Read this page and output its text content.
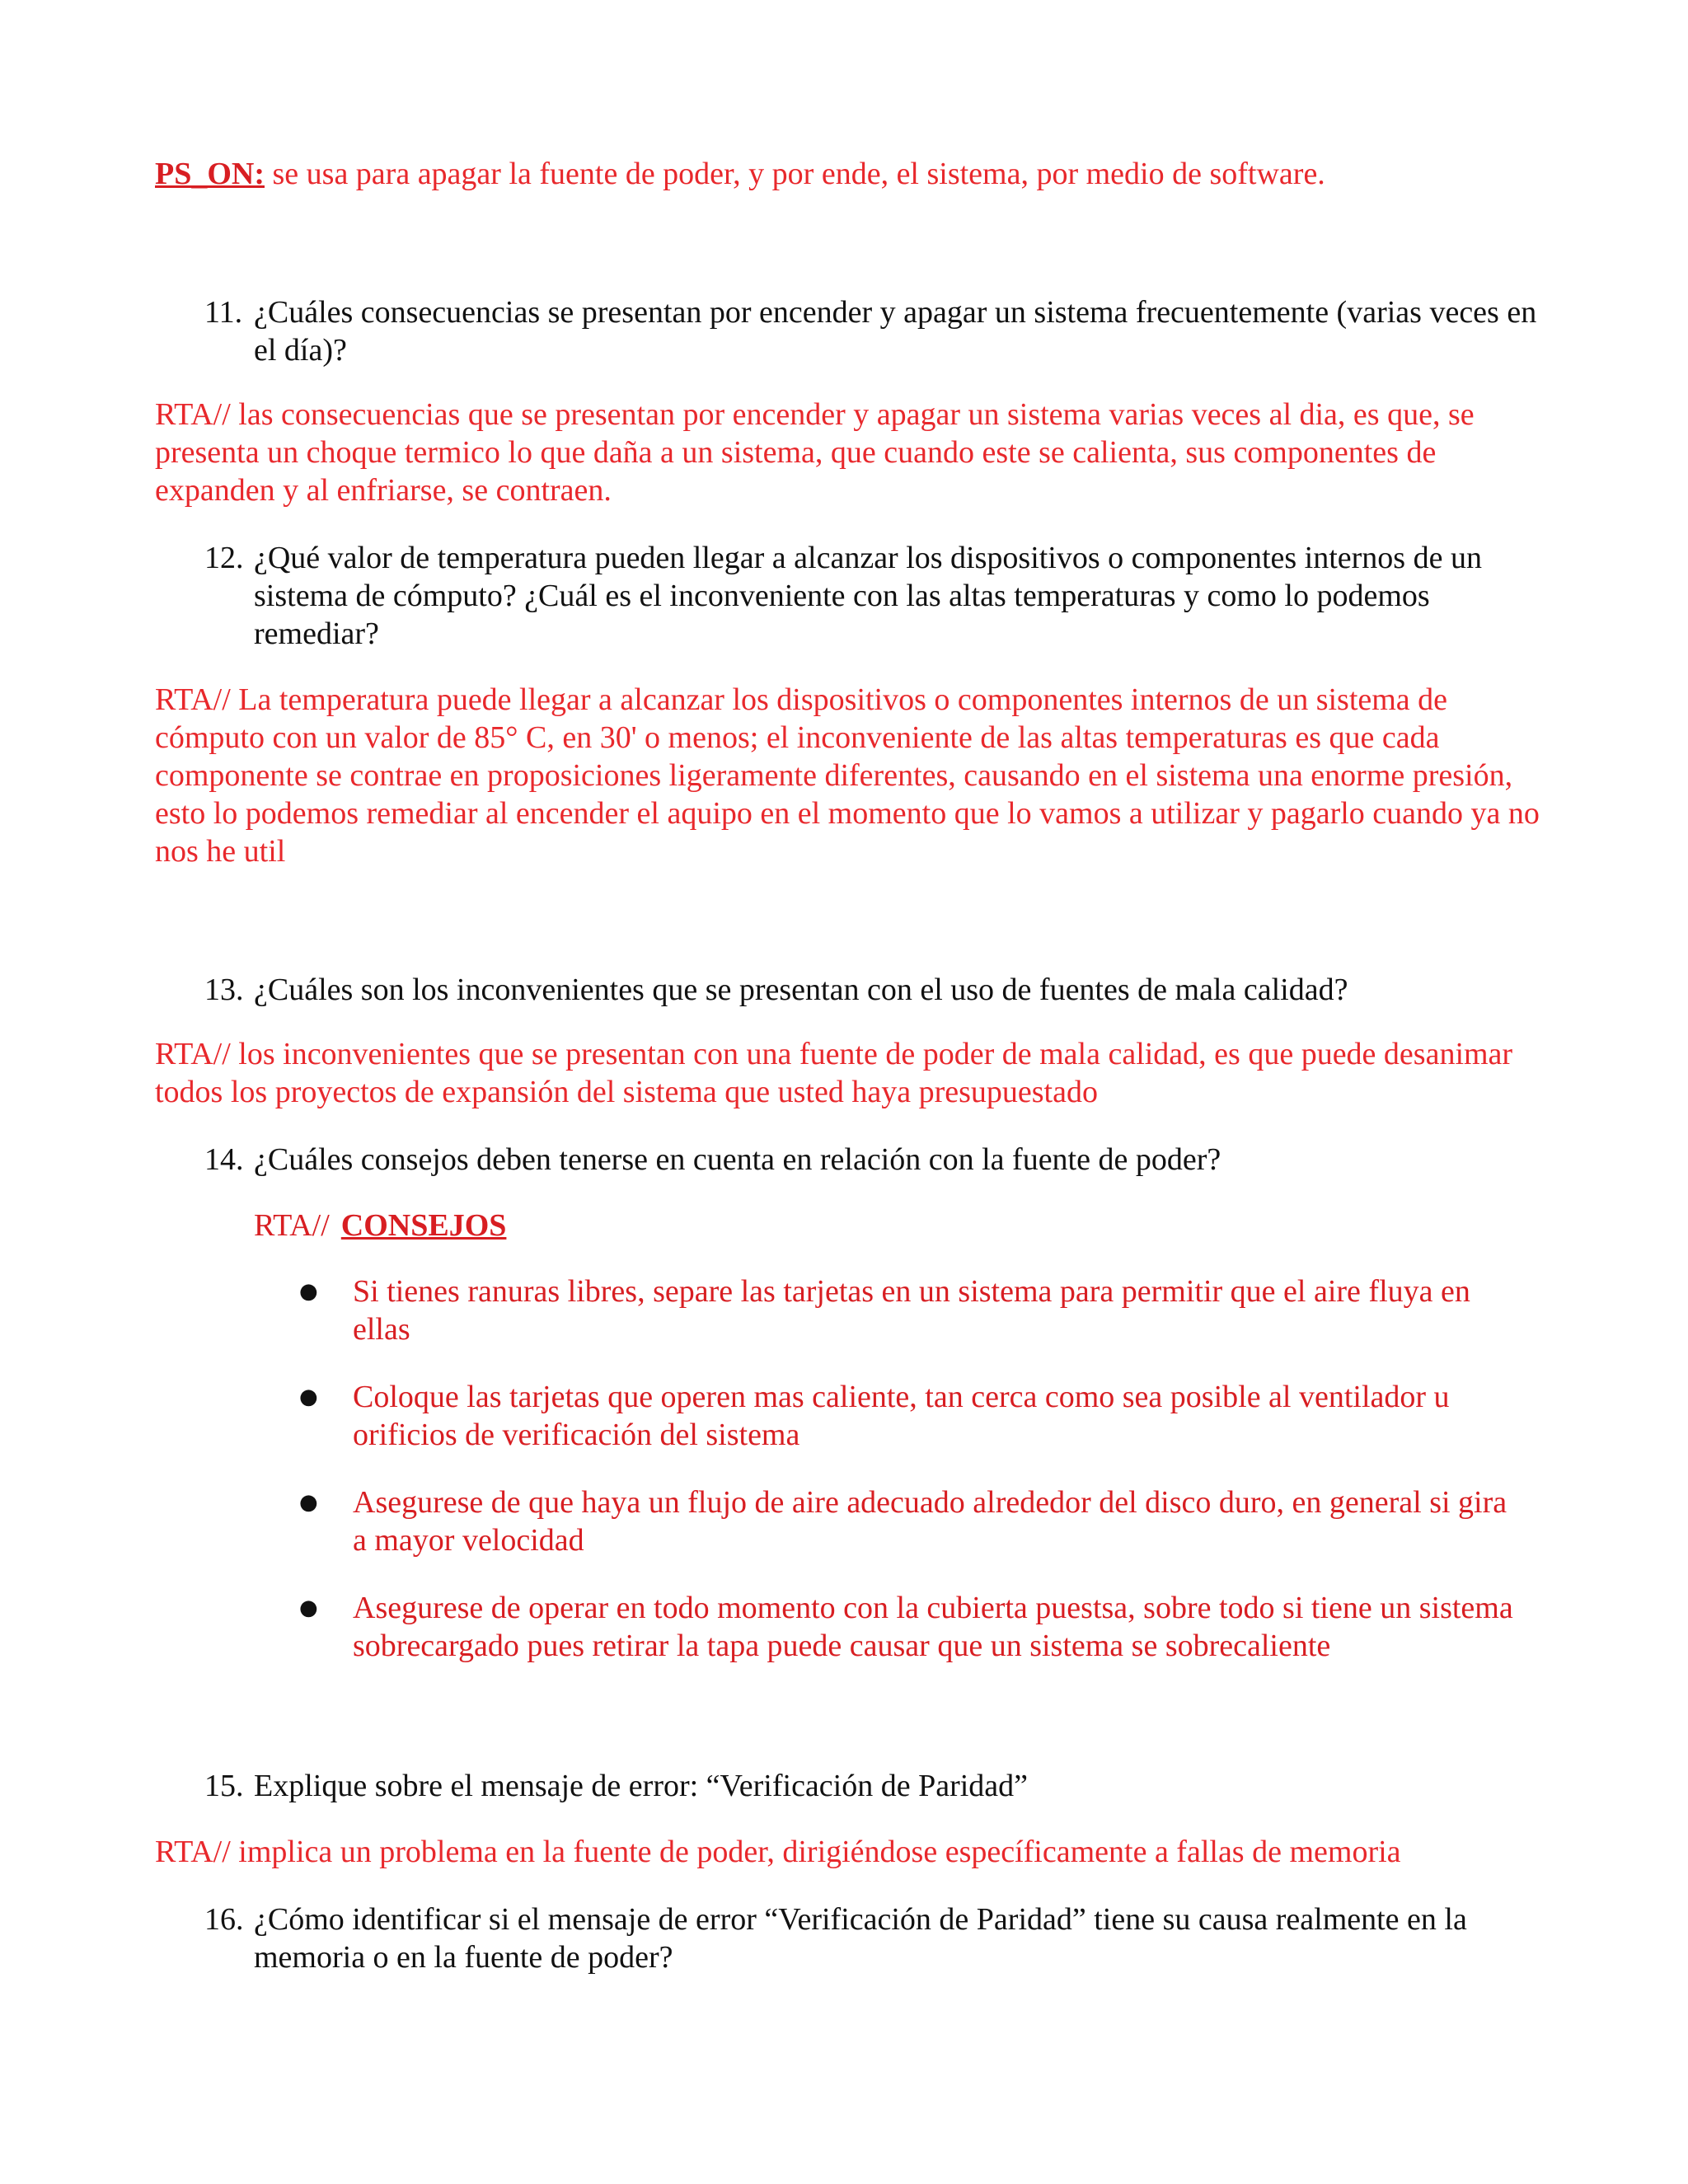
PS_ON: se usa para apagar la fuente de poder, y por ende, el sistema, por medio de software.

11. ¿Cuáles consecuencias se presentan por encender y apagar un sistema frecuentemente (varias veces en el día)?

RTA// las consecuencias que se presentan por encender y apagar un sistema varias veces al dia, es que, se presenta un choque termico lo que daña a un sistema, que cuando este se calienta, sus componentes de expanden y al enfriarse, se contraen.

12. ¿Qué valor de temperatura pueden llegar a alcanzar los dispositivos o componentes internos de un sistema de cómputo? ¿Cuál es el inconveniente con las altas temperaturas y como lo podemos remediar?

RTA// La temperatura puede llegar a alcanzar los dispositivos o componentes internos de un sistema de cómputo con un valor de 85° C, en 30' o menos; el inconveniente de las altas temperaturas es que cada componente se contrae en proposiciones ligeramente diferentes, causando en el sistema una enorme presión, esto lo podemos remediar al encender el aquipo en el momento que lo vamos a utilizar y pagarlo cuando ya no nos he util

13. ¿Cuáles son los inconvenientes que se presentan con el uso de fuentes de mala calidad?

RTA// los inconvenientes que se presentan con una fuente de poder de mala calidad, es que puede desanimar todos los proyectos de expansión del sistema que usted haya presupuestado

14. ¿Cuáles consejos deben tenerse en cuenta en relación con la fuente de poder?
RTA// CONSEJOS
●	Si tienes ranuras libres, separe las tarjetas en un sistema para permitir que el aire fluya en ellas
●	Coloque las tarjetas que operen mas caliente, tan cerca como sea posible al ventilador u orificios de verificación del sistema
●	Asegurese de que haya un flujo de aire adecuado alrededor del disco duro, en general si gira a mayor velocidad
●	Asegurese de operar en todo momento con la cubierta puestsa, sobre todo si tiene un sistema sobrecargado pues retirar la tapa puede causar que un sistema se sobrecaliente
15. Explique sobre el mensaje de error: “Verificación de Paridad”

RTA// implica un problema en la fuente de poder, dirigiéndose específicamente a fallas de memoria

16. ¿Cómo identificar si el mensaje de error “Verificación de Paridad” tiene su causa realmente en la memoria o en la fuente de poder?
